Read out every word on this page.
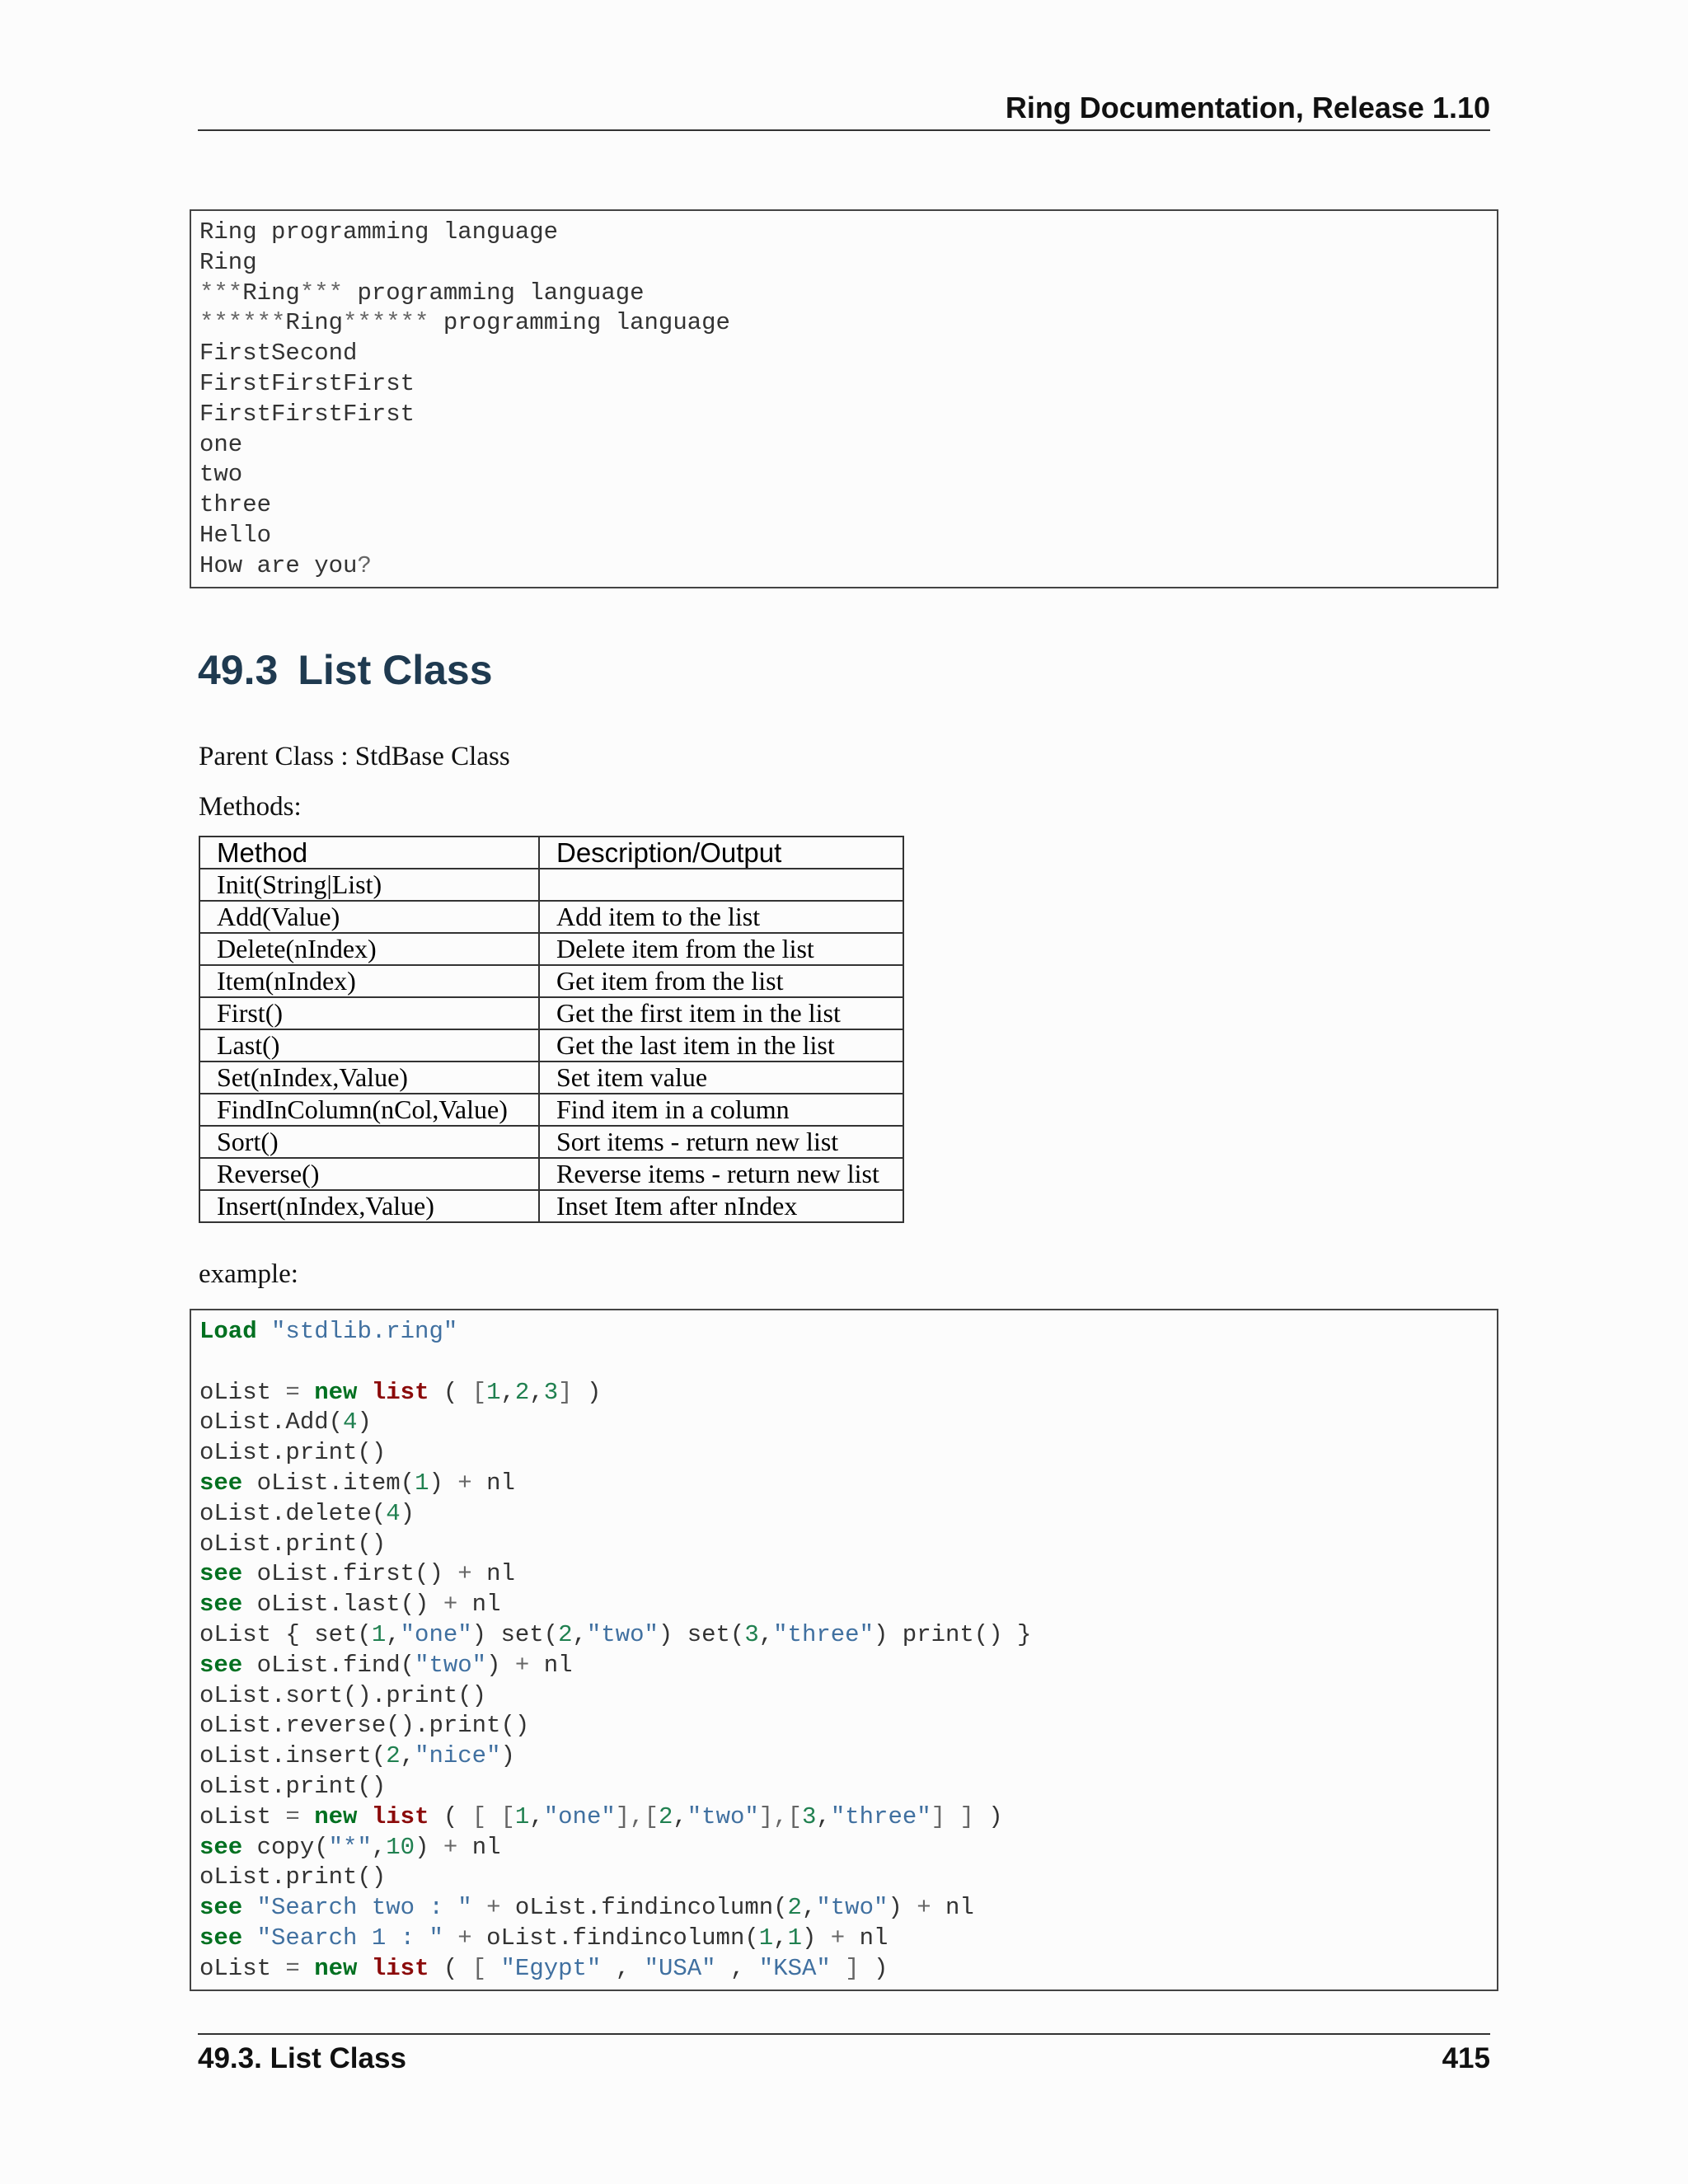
Ring Documentation, Release 1.10
Ring programming language
Ring
***Ring*** programming language
******Ring****** programming language
FirstSecond
FirstFirstFirst
FirstFirstFirst
one
two
three
Hello
How are you?
49.3 List Class
Parent Class : StdBase Class
Methods:
Method	Description/Output
Init(String|List)	
Add(Value)	Add item to the list
Delete(nIndex)	Delete item from the list
Item(nIndex)	Get item from the list
First()	Get the first item in the list
Last()	Get the last item in the list
Set(nIndex,Value)	Set item value
FindInColumn(nCol,Value)	Find item in a column
Sort()	Sort items - return new list
Reverse()	Reverse items - return new list
Insert(nIndex,Value)	Inset Item after nIndex
example:
Load "stdlib.ring"
oList = new list ( [1,2,3] )
oList.Add(4)
oList.print()
see oList.item(1) + nl
oList.delete(4)
oList.print()
see oList.first() + nl
see oList.last() + nl
oList { set(1,"one") set(2,"two") set(3,"three") print() }
see oList.find("two") + nl
oList.sort().print()
oList.reverse().print()
oList.insert(2,"nice")
oList.print()
oList = new list ( [ [1,"one"],[2,"two"],[3,"three"] ] )
see copy("*",10) + nl
oList.print()
see "Search two : " + oList.findincolumn(2,"two") + nl
see "Search 1 : " + oList.findincolumn(1,1) + nl
oList = new list ( [ "Egypt" , "USA" , "KSA" ] )
49.3. List Class	415
